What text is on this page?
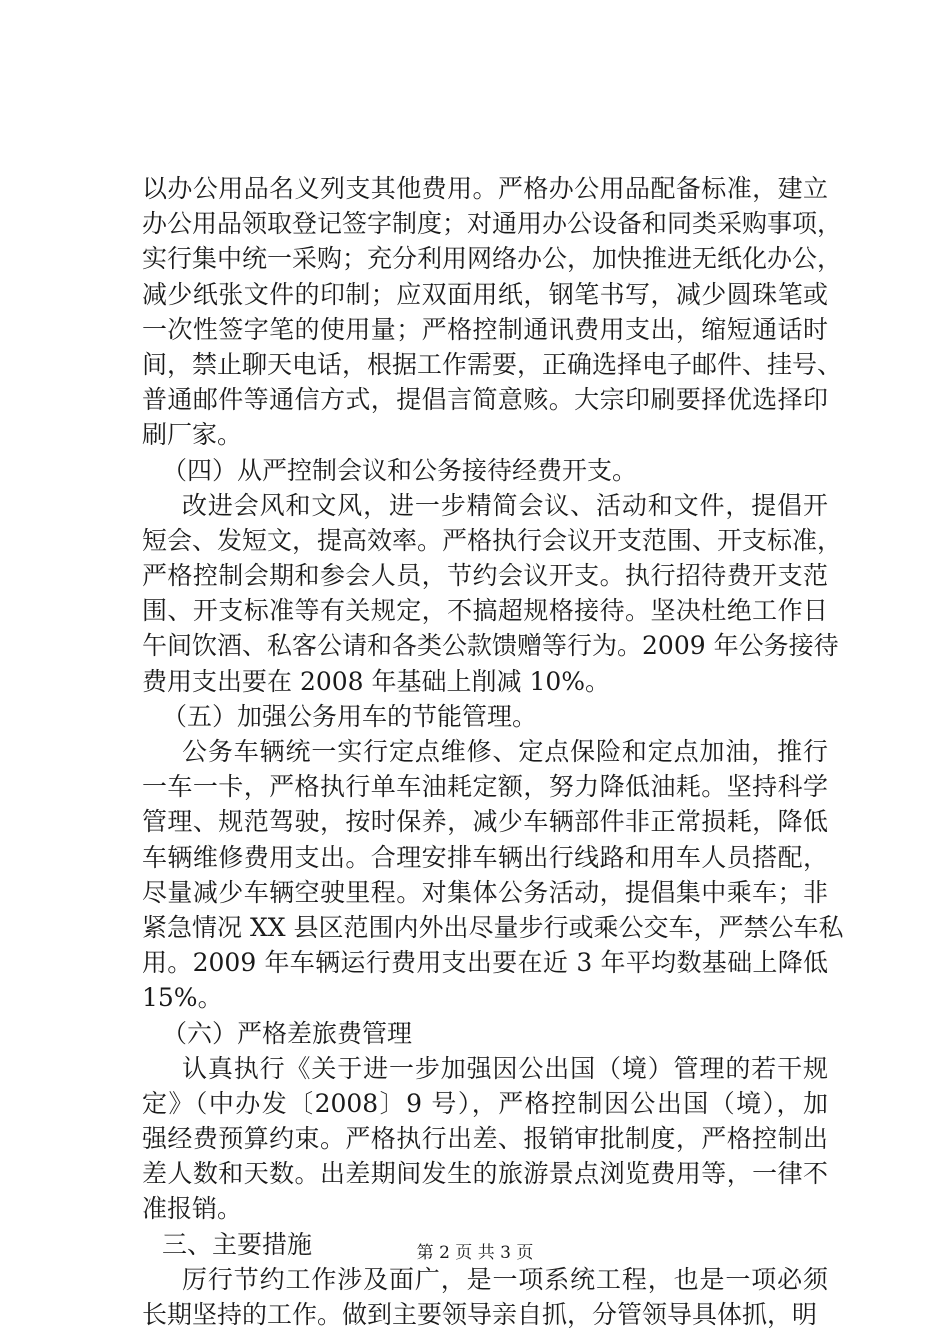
以办公用品名义列支其他费用。严格办公用品配备标准，建立
办公用品领取登记签字制度；对通用办公设备和同类采购事项，
实行集中统一采购；充分利用网络办公，加快推进无纸化办公，
减少纸张文件的印制；应双面用纸，钢笔书写，减少圆珠笔或
一次性签字笔的使用量；严格控制通讯费用支出，缩短通话时
间，禁止聊天电话，根据工作需要，正确选择电子邮件、挂号、
普通邮件等通信方式，提倡言简意赅。大宗印刷要择优选择印
刷厂家。
（四）从严控制会议和公务接待经费开支。
改进会风和文风，进一步精简会议、活动和文件，提倡开
短会、发短文，提高效率。严格执行会议开支范围、开支标准，
严格控制会期和参会人员，节约会议开支。执行招待费开支范
围、开支标准等有关规定，不搞超规格接待。坚决杜绝工作日
午间饮酒、私客公请和各类公款馈赠等行为。2009 年公务接待
费用支出要在 2008 年基础上削减 10%。
（五）加强公务用车的节能管理。
公务车辆统一实行定点维修、定点保险和定点加油，推行
一车一卡，严格执行单车油耗定额，努力降低油耗。坚持科学
管理、规范驾驶，按时保养，减少车辆部件非正常损耗，降低
车辆维修费用支出。合理安排车辆出行线路和用车人员搭配，
尽量减少车辆空驶里程。对集体公务活动，提倡集中乘车；非
紧急情况 XX 县区范围内外出尽量步行或乘公交车，严禁公车私
用。2009 年车辆运行费用支出要在近 3 年平均数基础上降低
15%。
（六）严格差旅费管理
认真执行《关于进一步加强因公出国（境）管理的若干规
定》（中办发〔2008〕9 号），严格控制因公出国（境），加
强经费预算约束。严格执行出差、报销审批制度，严格控制出
差人数和天数。出差期间发生的旅游景点浏览费用等，一律不
准报销。
三、主要措施
厉行节约工作涉及面广，是一项系统工程，也是一项必须
长期坚持的工作。做到主要领导亲自抓，分管领导具体抓，明
第 2 页 共 3 页
